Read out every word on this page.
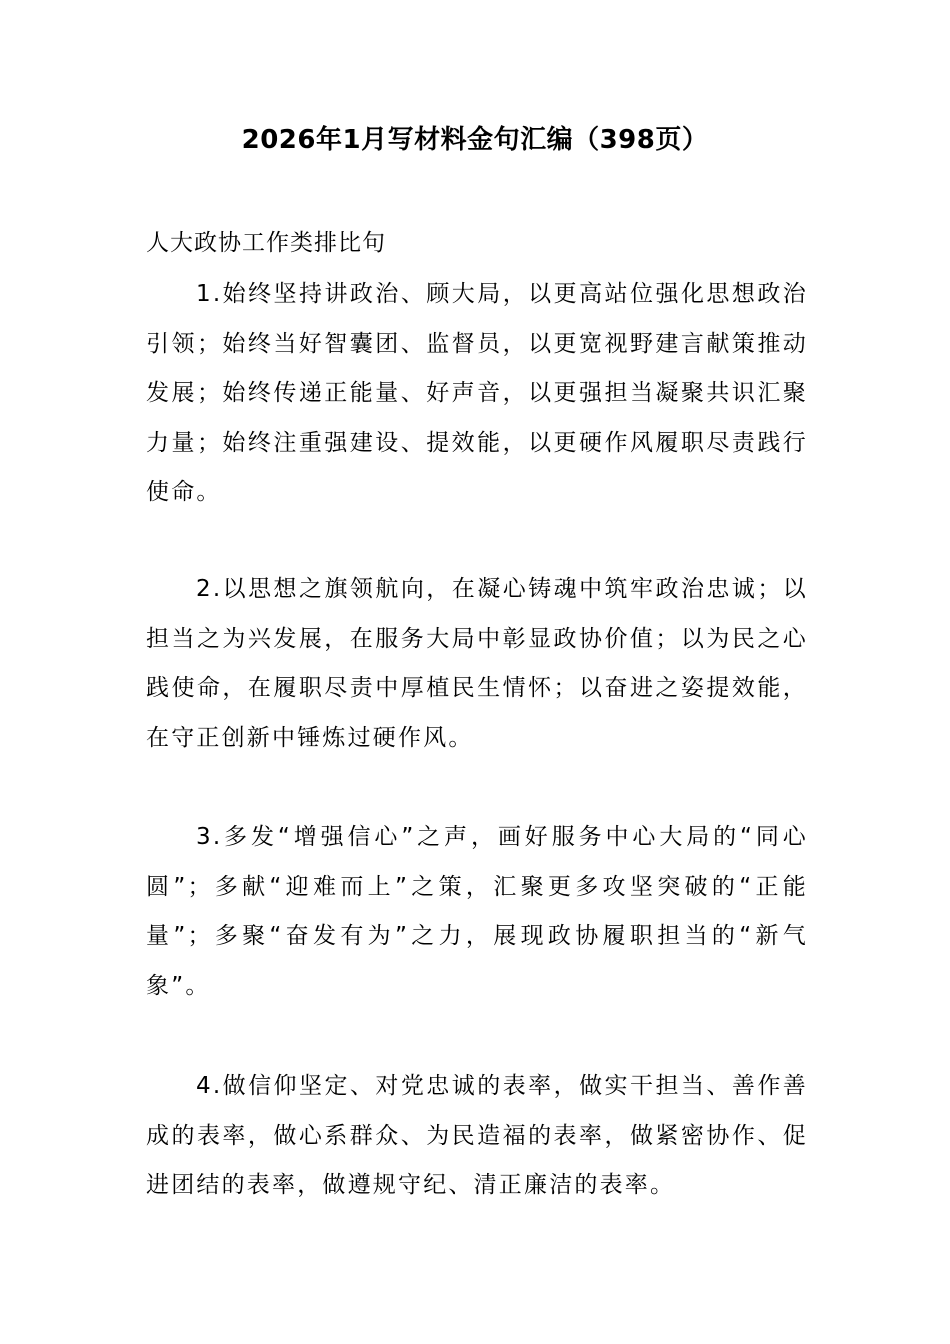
2026年1月写材料金句汇编（398页）
人大政协工作类排比句

1.始终坚持讲政治、顾大局，以更高站位强化思想政治引领；始终当好智囊团、监督员，以更宽视野建言献策推动发展；始终传递正能量、好声音，以更强担当凝聚共识汇聚力量；始终注重强建设、提效能，以更硬作风履职尽责践行使命。

2.以思想之旗领航向，在凝心铸魂中筑牢政治忠诚；以担当之为兴发展，在服务大局中彰显政协价值；以为民之心践使命，在履职尽责中厚植民生情怀；以奋进之姿提效能，在守正创新中锤炼过硬作风。

3.多发“增强信心”之声，画好服务中心大局的“同心圆”；多献“迎难而上”之策，汇聚更多攻坚突破的“正能量”；多聚“奋发有为”之力，展现政协履职担当的“新气象”。

4.做信仰坚定、对党忠诚的表率，做实干担当、善作善成的表率，做心系群众、为民造福的表率，做紧密协作、促进团结的表率，做遵规守纪、清正廉洁的表率。
